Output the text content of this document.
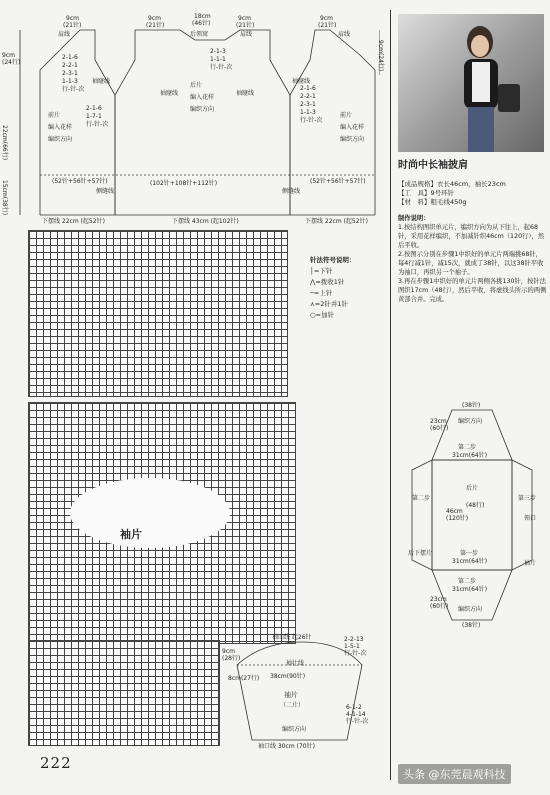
9cm
(21针)
肩线
9cm
(21针)
18cm
(46针)
后领窝
9cm
(21针)
肩线
9cm
(21针)
肩线
9cm
(24行)
22cm(66行)
15cm(38行)
9cm(24行)
2-1-6
2-2-1
2-3-1
1-1-3
行-针-次
袖窿线
袖窿线	袖窿线
袖窿线
2-1-3
1-1-1
行-针-次
2-1-6
1-7-1
行-针-次
2-1-6
2-2-1
2-3-1
1-1-3
行-针-次
前片
编入花样
编织方向
后片
编入花样
编织方向
前片
编入花样
编织方向
(52针+56针+57针)	(102针+108针+112针)	(52针+56针+57针)
侧缝线	侧缝线
下摆线 22cm (起52针)	下摆线 43cm (起102针)	下摆线 22cm (起52针)
时尚中长袖披肩
【成品规格】衣长46cm，袖长23cm
【工　具】9号环针
【材　料】粗毛线450g
制作说明：
1.按结构图织单元片，编织方向为从下往上，起68针，采用花样编织，不加减针织46cm（120行），然后平收。
2.按图示分别在步骤1中织好的单元片两端挑68针，每4行减1针，减15次，就成了38针，以这38针平收为袖口，再织另一个袖子。
3.再在步骤1中织好的单元片两侧各挑130针，按针法图织17cm（48行），然后平收，将虚线头所示的两侧黄部合并。完成。
针法符号说明：
│=下针
⋀=拨收1针
─=上针
⋏=2针并1针
○=加针
袖片
袖山线 起26针	2-2-13
1-5-1
行-针-次
9cm
(28行)
8cm(27行)
袖壮线
38cm(90针)
袖片
（二片）
编织方向
6-1-2
4-1-14
行-针-次
袖口线 30cm (70针)
(38针)
编织方向
23cm
(60行)
第二步
31cm(64针)
后片
46cm
(120针)
(48行)
第一步
31cm(64针)
第二步	第三步
后下摆片
领口
袖片
第二步
31cm(64针)
编织方向
23cm
(60行)
(38针)
222
头条 @东莞晨观科技
